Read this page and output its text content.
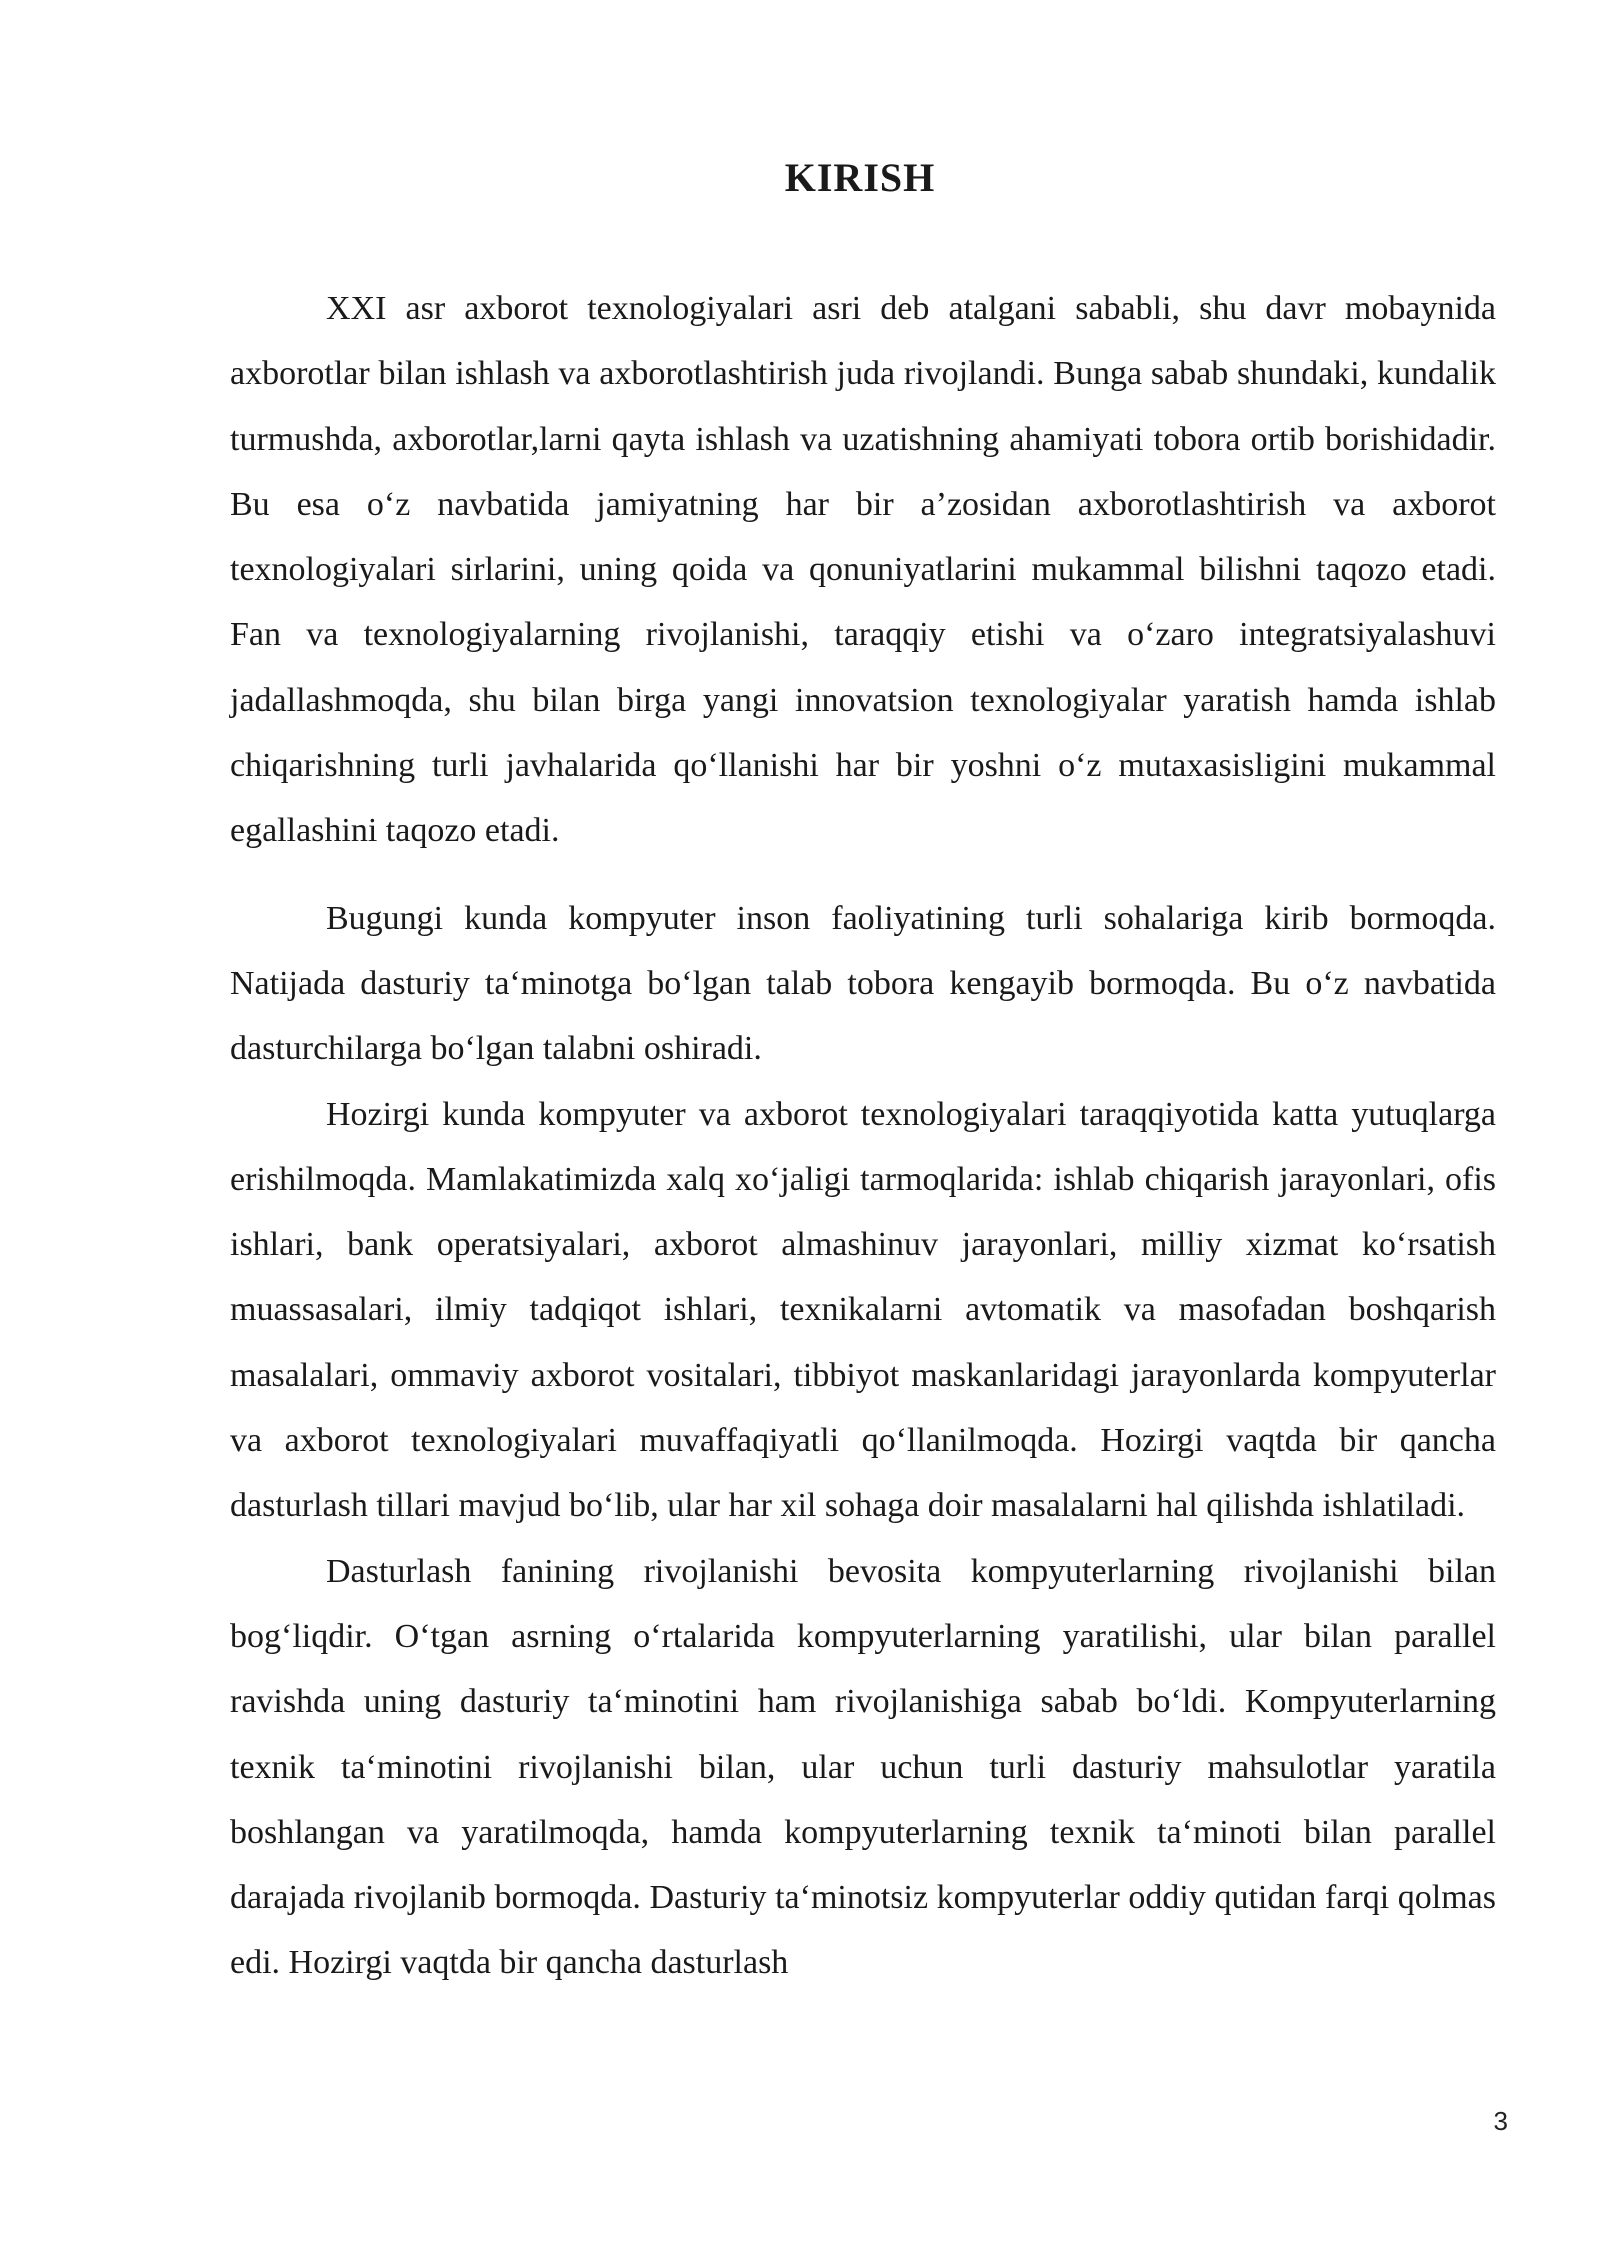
KIRISH

XXI asr axborot texnologiyalari asri deb atalgani sababli, shu davr mobaynida axborotlar bilan ishlash va axborotlashtirish juda rivojlandi. Bunga sabab shundaki, kundalik turmushda, axborotlar,larni qayta ishlash va uzatishning ahamiyati tobora ortib borishidadir. Bu esa o‘z navbatida jamiyatning har bir a’zosidan axborotlashtirish va axborot texnologiyalari sirlarini, uning qoida va qonuniyatlarini mukammal bilishni taqozo etadi. Fan va texnologiyalarning rivojlanishi, taraqqiy etishi va o‘zaro integratsiyalashuvi jadallashmoqda, shu bilan birga yangi innovatsion texnologiyalar yaratish hamda ishlab chiqarishning turli javhalarida qo‘llanishi har bir yoshni o‘z mutaxasisligini mukammal egallashini taqozo etadi.

Bugungi kunda kompyuter inson faoliyatining turli sohalariga kirib bormoqda. Natijada dasturiy ta‘minotga bo‘lgan talab tobora kengayib bormoqda. Bu o‘z navbatida dasturchilarga bo‘lgan talabni oshiradi.

Hozirgi kunda kompyuter va axborot texnologiyalari taraqqiyotida katta yutuqlarga erishilmoqda. Mamlakatimizda xalq xo‘jaligi tarmoqlarida: ishlab chiqarish jarayonlari, ofis ishlari, bank operatsiyalari, axborot almashinuv jarayonlari, milliy xizmat ko‘rsatish muassasalari, ilmiy tadqiqot ishlari, texnikalarni avtomatik va masofadan boshqarish masalalari, ommaviy axborot vositalari, tibbiyot maskanlaridagi jarayonlarda kompyuterlar va axborot texnologiyalari muvaffaqiyatli qo‘llanilmoqda. Hozirgi vaqtda bir qancha dasturlash tillari mavjud bo‘lib, ular har xil sohaga doir masalalarni hal qilishda ishlatiladi.

Dasturlash fanining rivojlanishi bevosita kompyuterlarning rivojlanishi bilan bog‘liqdir. O‘tgan asrning o‘rtalarida kompyuterlarning yaratilishi, ular bilan parallel ravishda uning dasturiy ta‘minotini ham rivojlanishiga sabab bo‘ldi. Kompyuterlarning texnik ta‘minotini rivojlanishi bilan, ular uchun turli dasturiy mahsulotlar yaratila boshlangan va yaratilmoqda, hamda kompyuterlarning texnik ta‘minoti bilan parallel darajada rivojlanib bormoqda. Dasturiy ta‘minotsiz kompyuterlar oddiy qutidan farqi qolmas edi. Hozirgi vaqtda bir qancha dasturlash

3
